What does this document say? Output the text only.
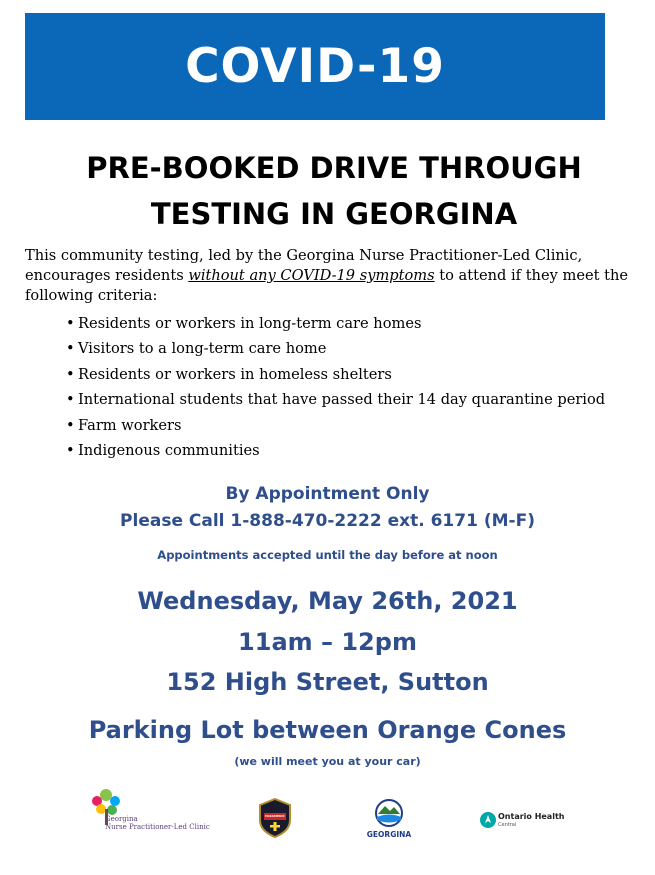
COVID-19
PRE-BOOKED DRIVE THROUGH
TESTING IN GEORGINA

This community testing, led by the Georgina Nurse Practitioner-Led Clinic, encourages residents without any COVID-19 symptoms to attend if they meet the following criteria:

• Residents or workers in long-term care homes
• Visitors to a long-term care home
• Residents or workers in homeless shelters
• International students that have passed their 14 day quarantine period
• Farm workers
• Indigenous communities

By Appointment Only

Please Call 1-888-470-2222 ext. 6171 (M-F)

Appointments accepted until the day before at noon

Wednesday, May 26th, 2021

11am – 12pm

152 High Street, Sutton

Parking Lot between Orange Cones

(we will meet you at your car)

Georgina
Nurse Practitioner-Led Clinic
PARAMEDIC
GEORGINA
Ontario Health
Central
